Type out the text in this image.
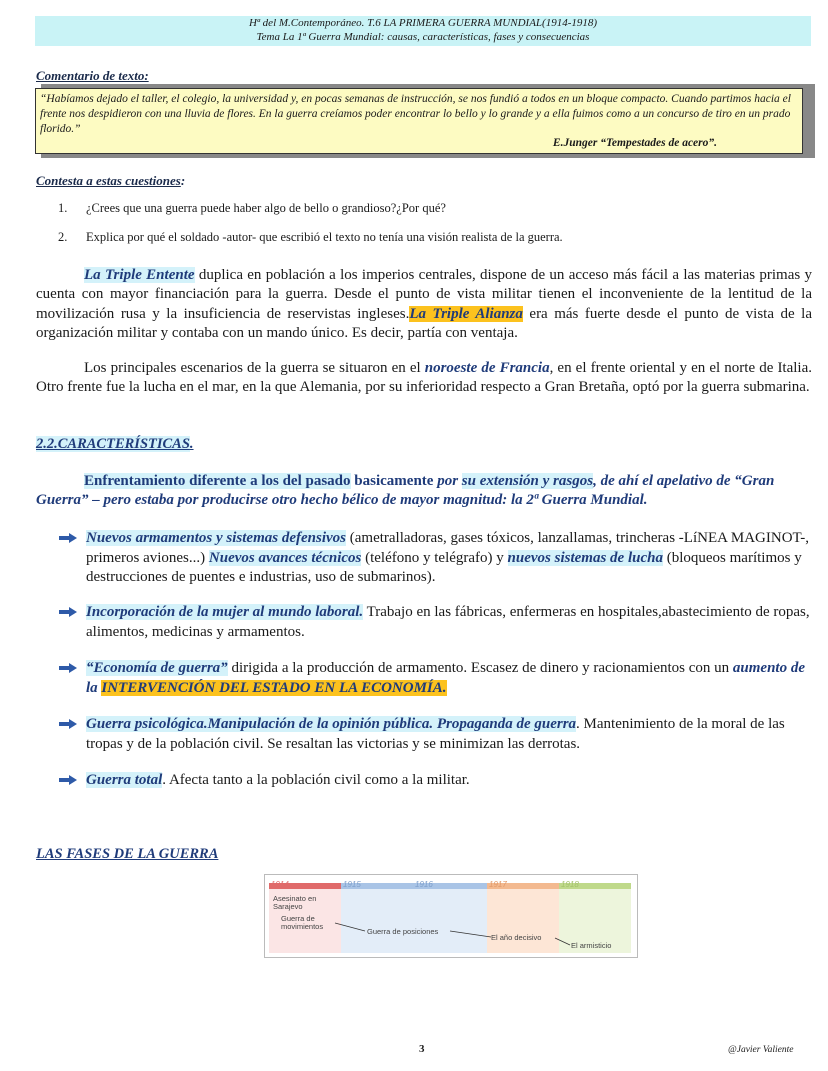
Hª del M.Contemporáneo. T.6 LA PRIMERA GUERRA MUNDIAL(1914-1918)
Tema La 1ª Guerra Mundial: causas, características, fases y consecuencias
Comentario de texto:
“Habíamos dejado el taller, el colegio, la universidad y, en pocas semanas de instrucción, se nos fundió a todos en un bloque compacto. Cuando partimos hacia el frente nos despidieron con una lluvia de flores. En la guerra creíamos poder encontrar lo bello y lo grande y a ella fuimos como a un concurso de tiro en un prado florido.”
E.Junger “Tempestades de acero”.
Contesta a estas cuestiones:
1. ¿Crees que una guerra puede haber algo de bello o grandioso?¿Por qué?
2. Explica por qué el soldado -autor- que escribió el texto no tenía una visión realista de la guerra.
La Triple Entente duplica en población a los imperios centrales, dispone de un acceso más fácil a las materias primas y cuenta con mayor financiación para la guerra. Desde el punto de vista militar tienen el inconveniente de la lentitud de la movilización rusa y la insuficiencia de reservistas ingleses.La Triple Alianza era más fuerte desde el punto de vista de la organización militar y contaba con un mando único. Es decir, partía con ventaja.
Los principales escenarios de la guerra se situaron en el noroeste de Francia, en el frente oriental y en el norte de Italia. Otro frente fue la lucha en el mar, en la que Alemania, por su inferioridad respecto a Gran Bretaña, optó por la guerra submarina.
2.2.CARACTERÍSTICAS.
Enfrentamiento diferente a los del pasado basicamente por su extensión y rasgos, de ahí el apelativo de “Gran Guerra” – pero estaba por producirse otro hecho bélico de mayor magnitud: la 2ª Guerra Mundial.
Nuevos armamentos y sistemas defensivos (ametralladoras, gases tóxicos, lanzallamas, trincheras -LíNEA MAGINOT-, primeros aviones...) Nuevos avances técnicos (teléfono y telégrafo) y nuevos sistemas de lucha (bloqueos marítimos y destrucciones de puentes e industrias, uso de submarinos).
Incorporación de la mujer al mundo laboral. Trabajo en las fábricas, enfermeras en hospitales,abastecimiento de ropas, alimentos, medicinas y armamentos.
“Economía de guerra” dirigida a la producción de armamento. Escasez de dinero y racionamientos con un aumento de la INTERVENCIÓN DEL ESTADO EN LA ECONOMÍA.
Guerra psicológica.Manipulación de la opinión pública. Propaganda de guerra. Mantenimiento de la moral de las tropas y de la población civil. Se resaltan las victorias y se minimizan las derrotas.
Guerra total. Afecta tanto a la población civil como a la militar.
LAS FASES DE LA GUERRA
1914	1915	1916	1917	1918
Asesinato en Sarajevo
Guerra de movimientos
Guerra de posiciones
El año decisivo
El armisticio
3	@Javier Valiente
